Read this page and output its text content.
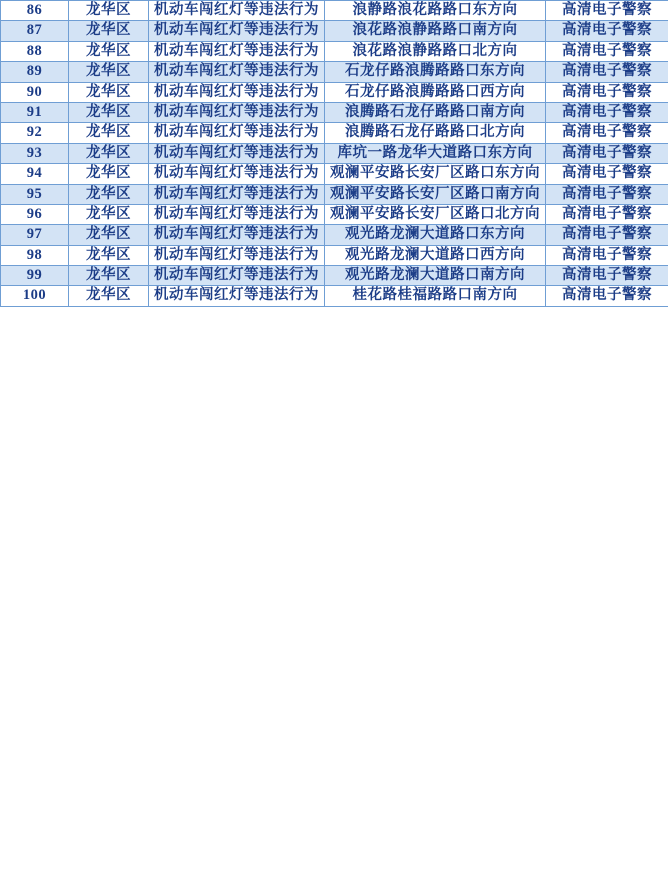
86	龙华区	机动车闯红灯等违法行为	浪静路浪花路路口东方向	高清电子警察
87	龙华区	机动车闯红灯等违法行为	浪花路浪静路路口南方向	高清电子警察
88	龙华区	机动车闯红灯等违法行为	浪花路浪静路路口北方向	高清电子警察
89	龙华区	机动车闯红灯等违法行为	石龙仔路浪腾路路口东方向	高清电子警察
90	龙华区	机动车闯红灯等违法行为	石龙仔路浪腾路路口西方向	高清电子警察
91	龙华区	机动车闯红灯等违法行为	浪腾路石龙仔路路口南方向	高清电子警察
92	龙华区	机动车闯红灯等违法行为	浪腾路石龙仔路路口北方向	高清电子警察
93	龙华区	机动车闯红灯等违法行为	库坑一路龙华大道路口东方向	高清电子警察
94	龙华区	机动车闯红灯等违法行为	观澜平安路长安厂区路口东方向	高清电子警察
95	龙华区	机动车闯红灯等违法行为	观澜平安路长安厂区路口南方向	高清电子警察
96	龙华区	机动车闯红灯等违法行为	观澜平安路长安厂区路口北方向	高清电子警察
97	龙华区	机动车闯红灯等违法行为	观光路龙澜大道路口东方向	高清电子警察
98	龙华区	机动车闯红灯等违法行为	观光路龙澜大道路口西方向	高清电子警察
99	龙华区	机动车闯红灯等违法行为	观光路龙澜大道路口南方向	高清电子警察
100	龙华区	机动车闯红灯等违法行为	桂花路桂福路路口南方向	高清电子警察
